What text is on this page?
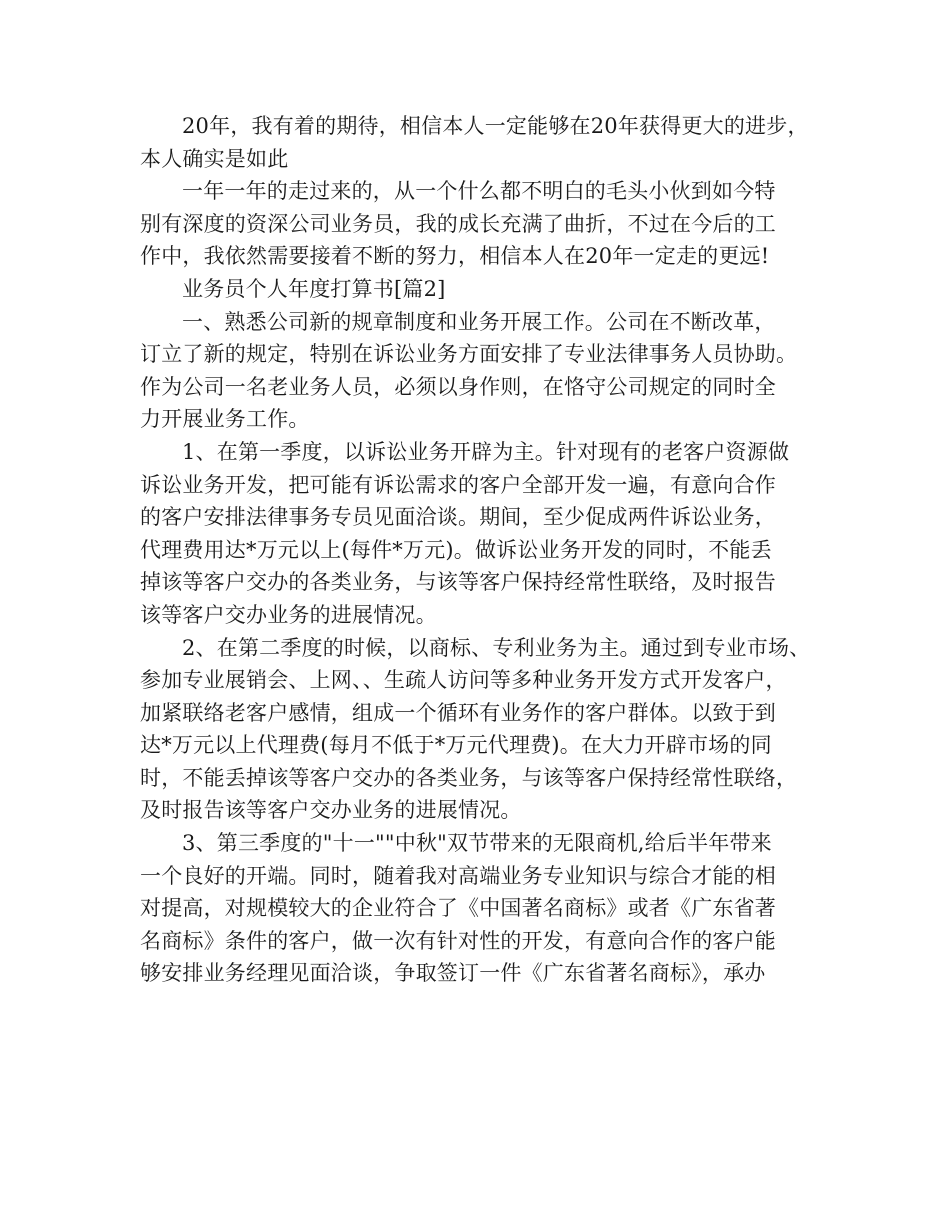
20年，我有着的期待，相信本人一定能够在20年获得更大的进步，
本人确实是如此
一年一年的走过来的，从一个什么都不明白的毛头小伙到如今特
别有深度的资深公司业务员，我的成长充满了曲折，不过在今后的工
作中，我依然需要接着不断的努力，相信本人在20年一定走的更远!
业务员个人年度打算书[篇2]
一、熟悉公司新的规章制度和业务开展工作。公司在不断改革，
订立了新的规定，特别在诉讼业务方面安排了专业法律事务人员协助。
作为公司一名老业务人员，必须以身作则，在恪守公司规定的同时全
力开展业务工作。
1、在第一季度，以诉讼业务开辟为主。针对现有的老客户资源做
诉讼业务开发，把可能有诉讼需求的客户全部开发一遍，有意向合作
的客户安排法律事务专员见面洽谈。期间，至少促成两件诉讼业务，
代理费用达*万元以上(每件*万元)。做诉讼业务开发的同时，不能丢
掉该等客户交办的各类业务，与该等客户保持经常性联络，及时报告
该等客户交办业务的进展情况。
2、在第二季度的时候，以商标、专利业务为主。通过到专业市场、
参加专业展销会、上网、、生疏人访问等多种业务开发方式开发客户，
加紧联络老客户感情，组成一个循环有业务作的客户群体。以致于到
达*万元以上代理费(每月不低于*万元代理费)。在大力开辟市场的同
时，不能丢掉该等客户交办的各类业务，与该等客户保持经常性联络，
及时报告该等客户交办业务的进展情况。
3、第三季度的"十一""中秋"双节带来的无限商机,给后半年带来
一个良好的开端。同时，随着我对高端业务专业知识与综合才能的相
对提高，对规模较大的企业符合了《中国著名商标》或者《广东省著
名商标》条件的客户，做一次有针对性的开发，有意向合作的客户能
够安排业务经理见面洽谈，争取签订一件《广东省著名商标》，承办
